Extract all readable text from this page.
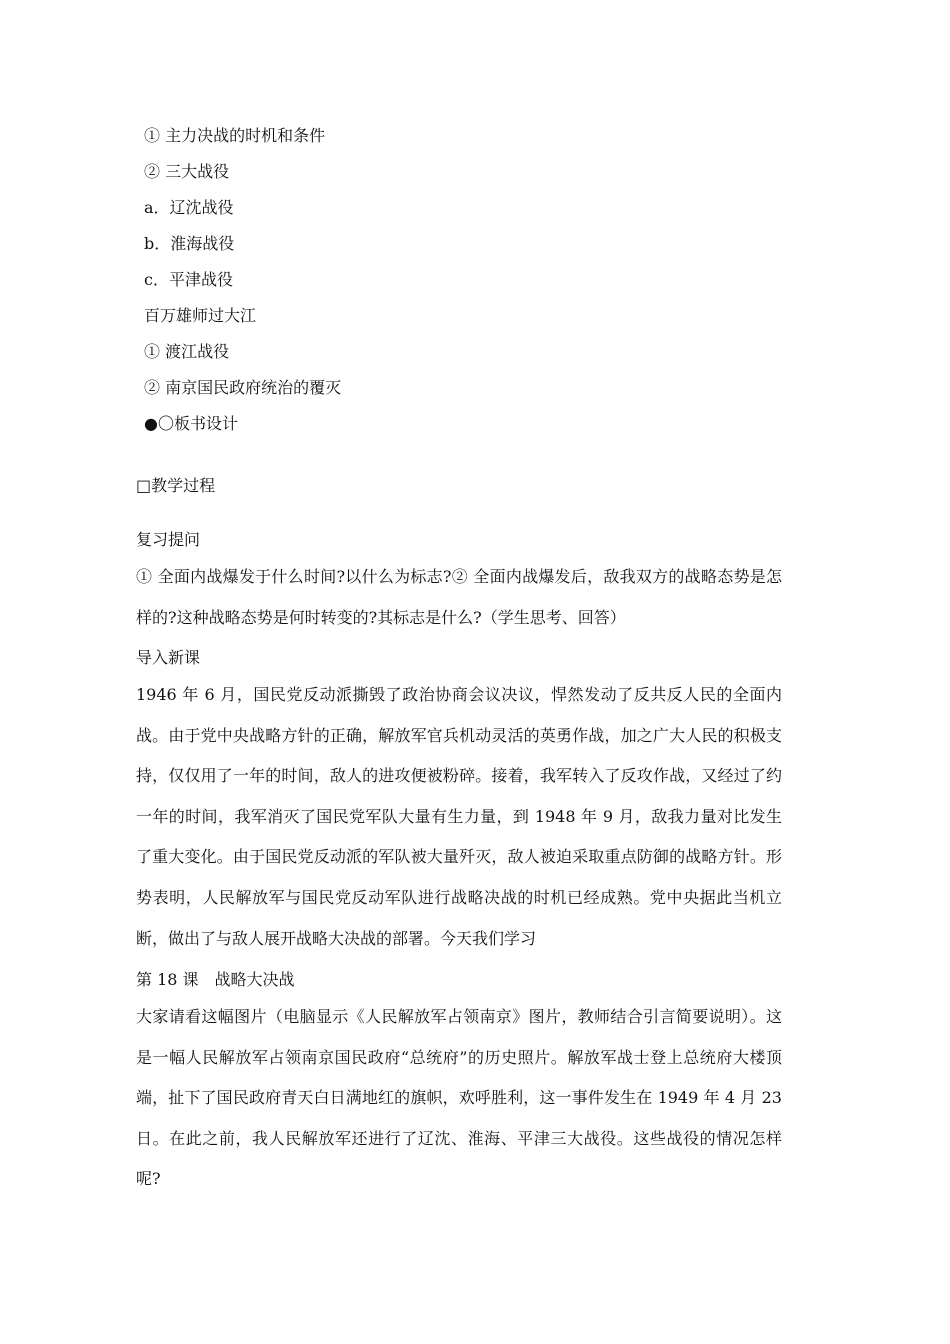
① 主力决战的时机和条件
② 三大战役
a．辽沈战役
b．淮海战役
c．平津战役
百万雄师过大江
① 渡江战役
② 南京国民政府统治的覆灭
●〇板书设计
□教学过程
复习提问
① 全面内战爆发于什么时间?以什么为标志?② 全面内战爆发后，敌我双方的战略态势是怎样的?这种战略态势是何时转变的?其标志是什么?（学生思考、回答）
导入新课
1946 年 6 月，国民党反动派撕毁了政治协商会议决议，悍然发动了反共反人民的全面内战。由于党中央战略方针的正确，解放军官兵机动灵活的英勇作战，加之广大人民的积极支持，仅仅用了一年的时间，敌人的进攻便被粉碎。接着，我军转入了反攻作战，又经过了约一年的时间，我军消灭了国民党军队大量有生力量，到 1948 年 9 月，敌我力量对比发生了重大变化。由于国民党反动派的军队被大量歼灭，敌人被迫采取重点防御的战略方针。形势表明，人民解放军与国民党反动军队进行战略决战的时机已经成熟。党中央据此当机立断，做出了与敌人展开战略大决战的部署。今天我们学习
第 18 课　战略大决战
大家请看这幅图片（电脑显示《人民解放军占领南京》图片，教师结合引言简要说明）。这是一幅人民解放军占领南京国民政府“总统府”的历史照片。解放军战士登上总统府大楼顶端，扯下了国民政府青天白日满地红的旗帜，欢呼胜利，这一事件发生在 1949 年 4 月 23 日。在此之前，我人民解放军还进行了辽沈、淮海、平津三大战役。这些战役的情况怎样呢?
